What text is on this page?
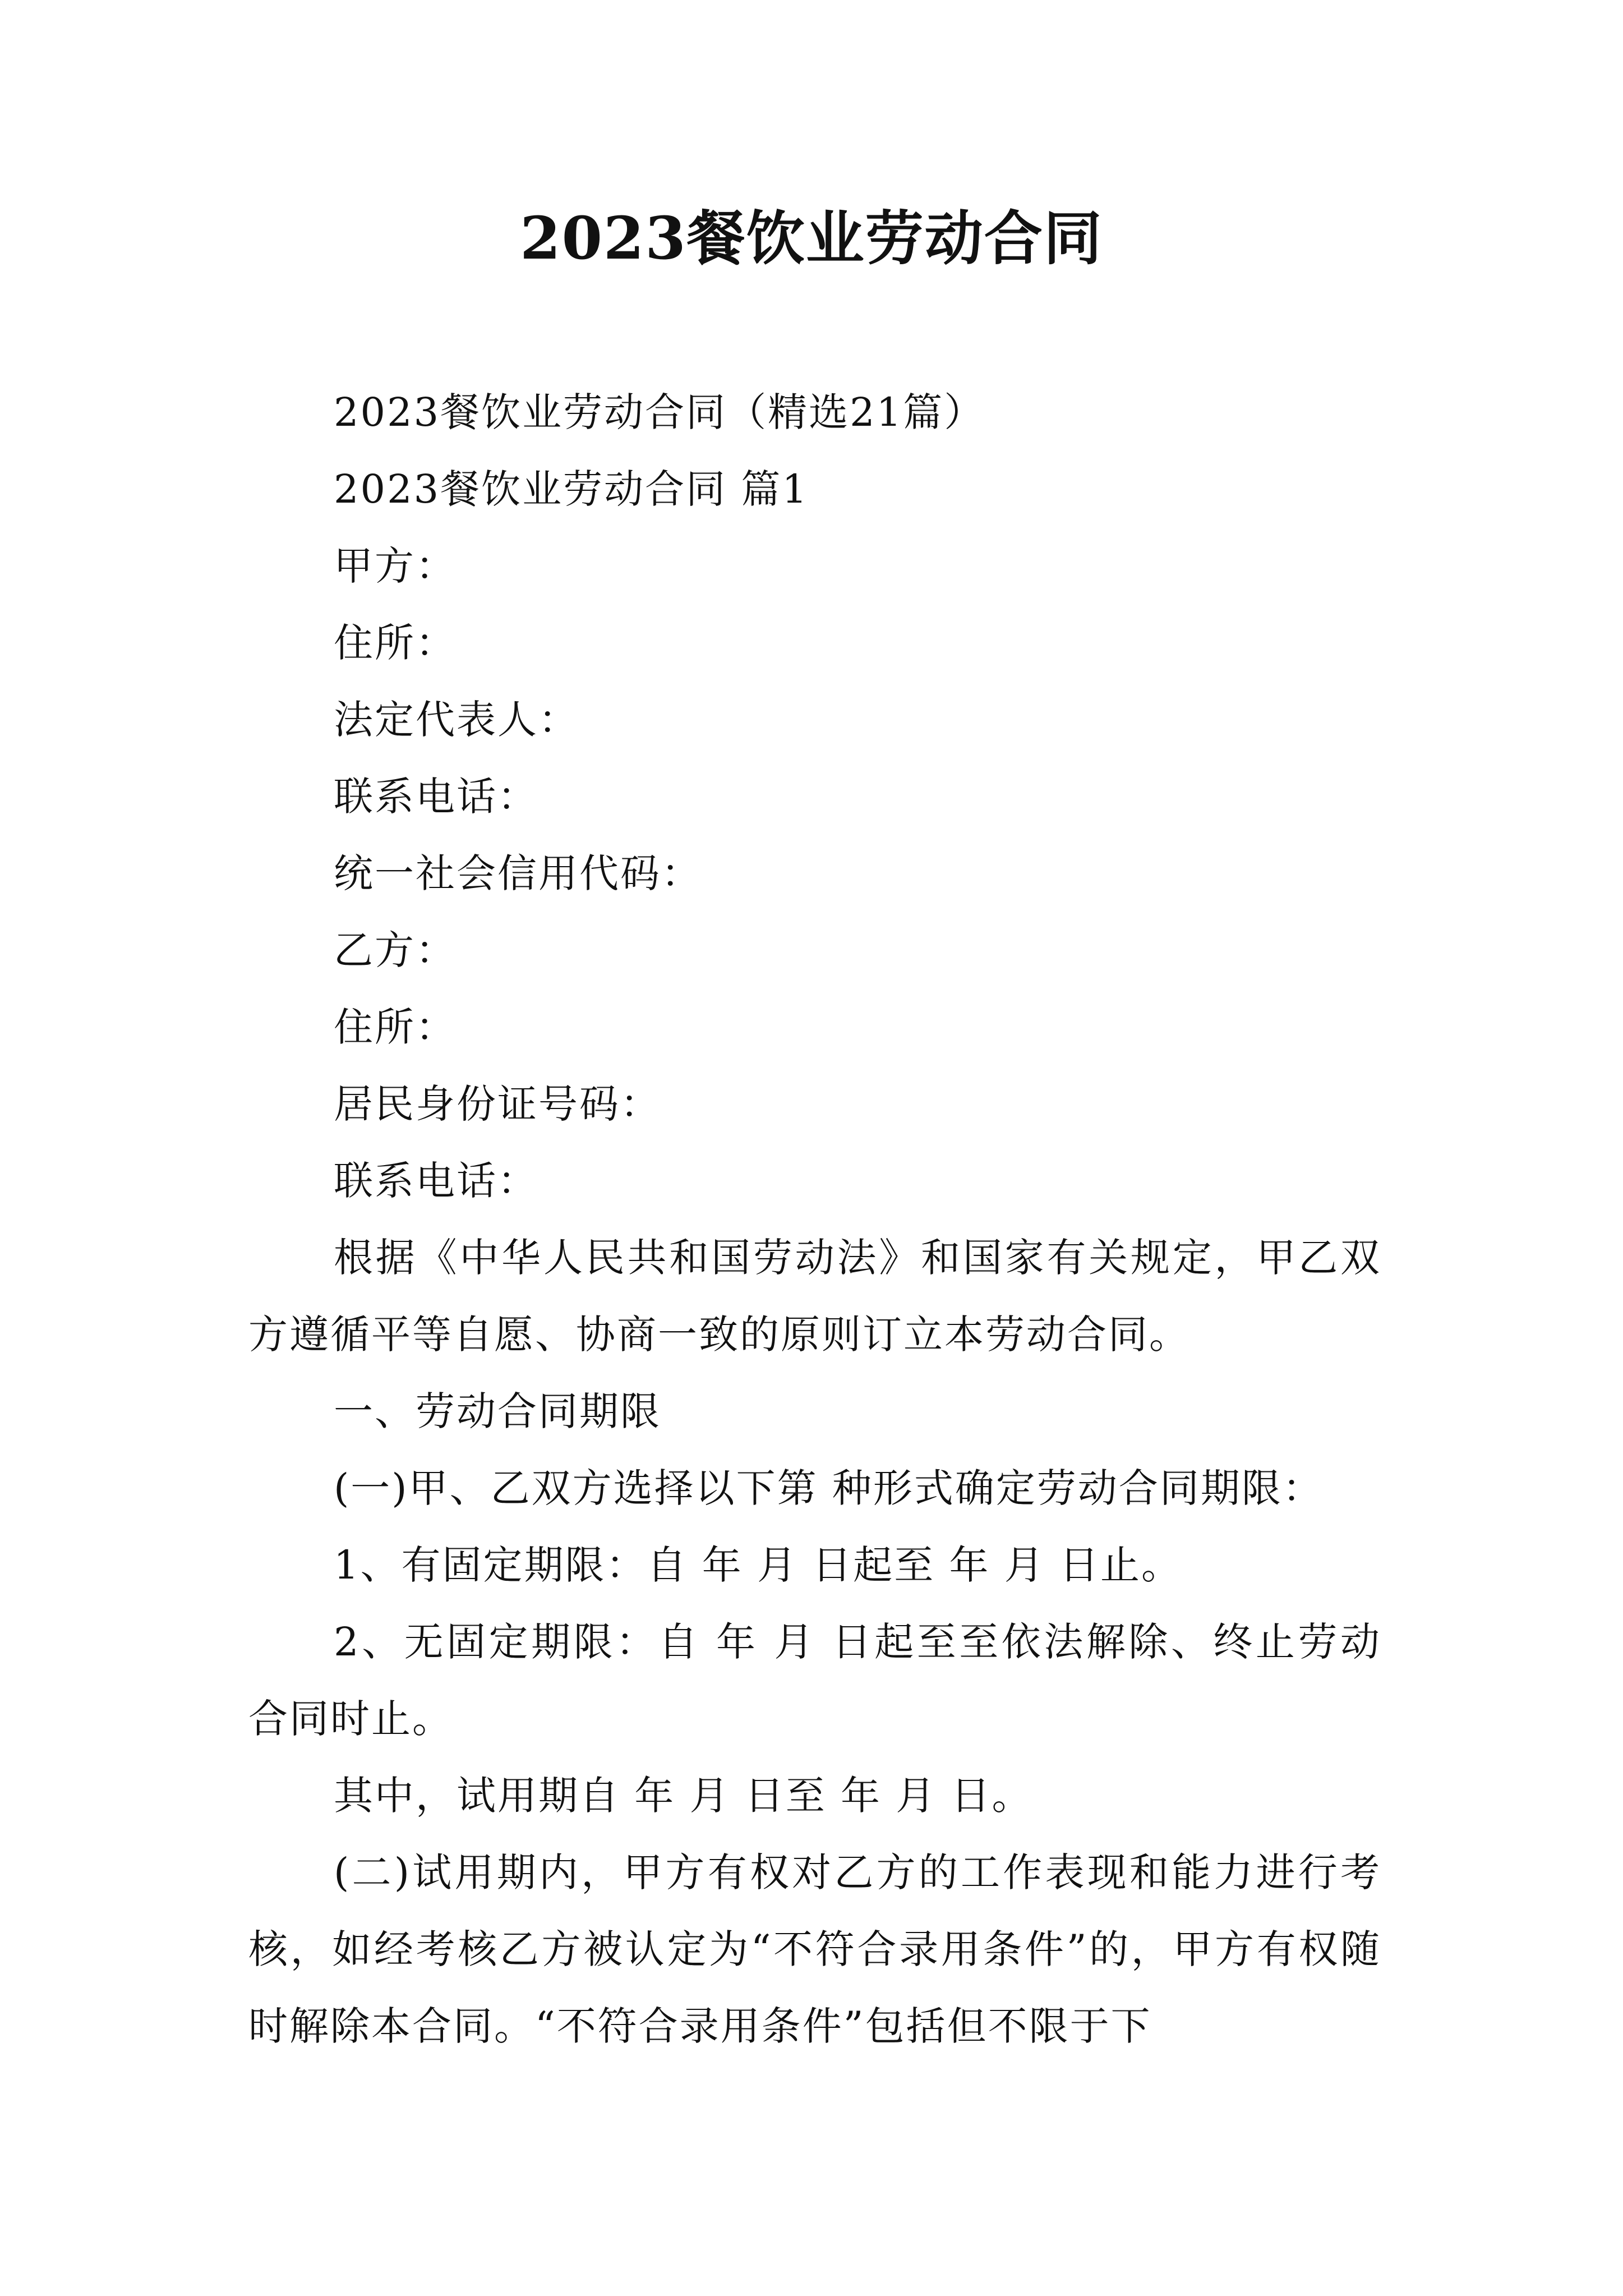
2023餐饮业劳动合同

2023餐饮业劳动合同（精选21篇）

2023餐饮业劳动合同 篇1

甲方：

住所：

法定代表人：

联系电话：

统一社会信用代码：

乙方：

住所：

居民身份证号码：

联系电话：

根据《中华人民共和国劳动法》和国家有关规定，甲乙双方遵循平等自愿、协商一致的原则订立本劳动合同。

一、劳动合同期限

(一)甲、乙双方选择以下第 种形式确定劳动合同期限：

1、有固定期限：自 年 月 日起至 年 月 日止。

2、无固定期限：自 年 月 日起至至依法解除、终止劳动合同时止。

其中，试用期自 年 月 日至 年 月 日。

(二)试用期内，甲方有权对乙方的工作表现和能力进行考核，如经考核乙方被认定为“不符合录用条件”的，甲方有权随时解除本合同。“不符合录用条件”包括但不限于下
